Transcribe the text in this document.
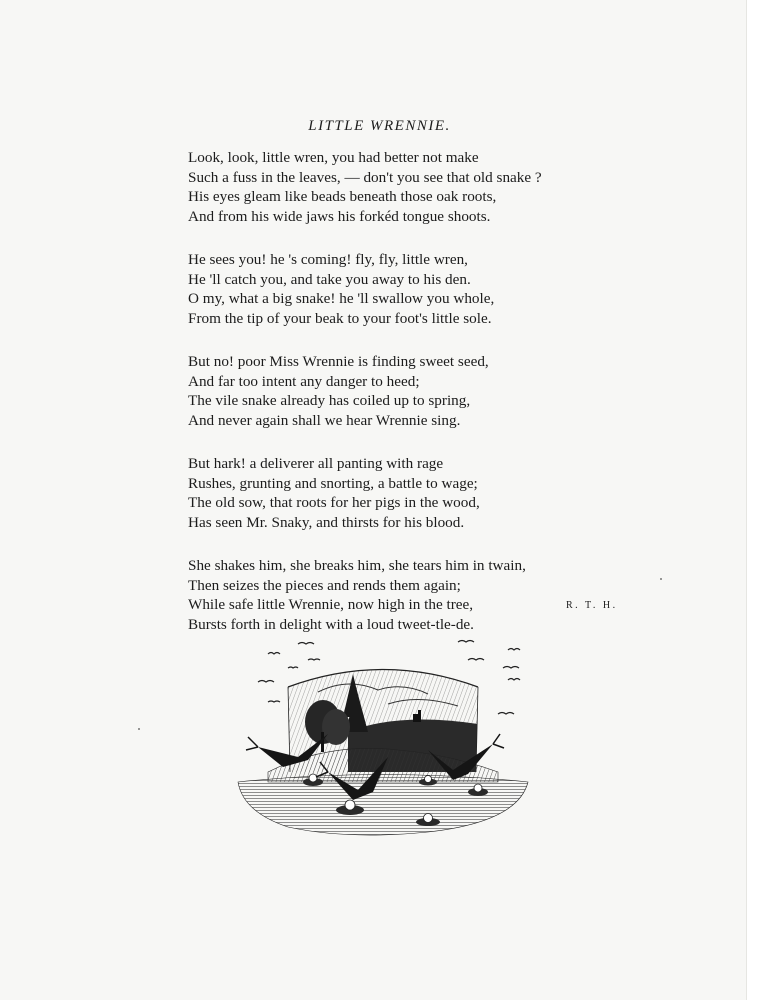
LITTLE WRENNIE.
Look, look, little wren, you had better not make
Such a fuss in the leaves, — don't you see that old snake ?
His eyes gleam like beads beneath those oak roots,
And from his wide jaws his forkéd tongue shoots.
He sees you! he 's coming! fly, fly, little wren,
He 'll catch you, and take you away to his den.
O my, what a big snake! he 'll swallow you whole,
From the tip of your beak to your foot's little sole.
But no! poor Miss Wrennie is finding sweet seed,
And far too intent any danger to heed;
The vile snake already has coiled up to spring,
And never again shall we hear Wrennie sing.
But hark! a deliverer all panting with rage
Rushes, grunting and snorting, a battle to wage;
The old sow, that roots for her pigs in the wood,
Has seen Mr. Snaky, and thirsts for his blood.
She shakes him, she breaks him, she tears him in twain,
Then seizes the pieces and rends them again;
While safe little Wrennie, now high in the tree,
Bursts forth in delight with a loud tweet-tle-de.
R. T. H.
